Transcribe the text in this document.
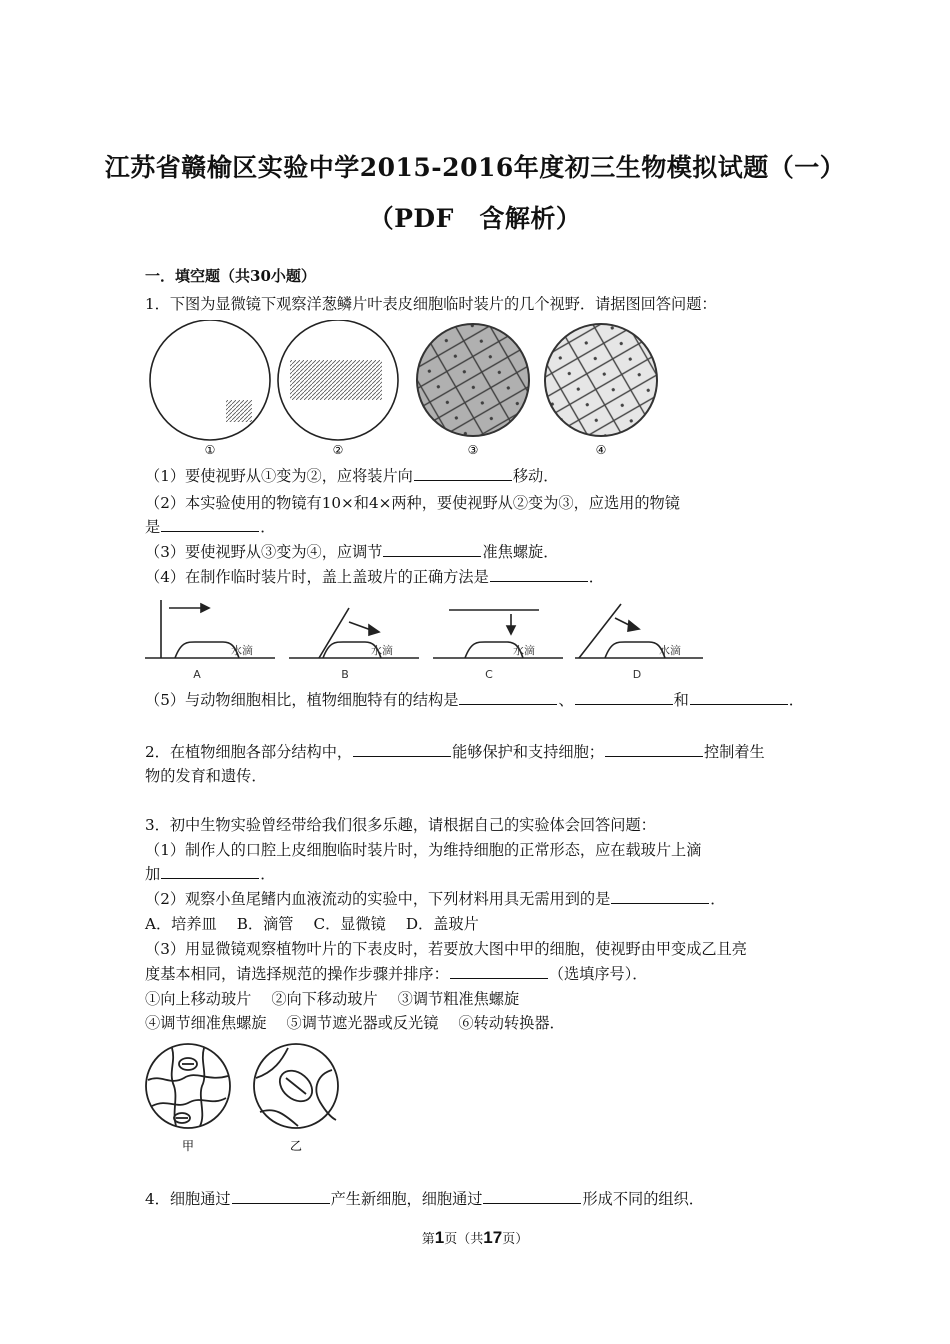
江苏省赣榆区实验中学2015-2016年度初三生物模拟试题（一）
（PDF　含解析）
一．填空题（共30小题）
1．下图为显微镜下观察洋葱鳞片叶表皮细胞临时装片的几个视野．请据图回答问题：
①	②	③	④
（1）要使视野从①变为②，应将装片向	移动．
（2）本实验使用的物镜有10×和4×两种，要使视野从②变为③，应选用的物镜
是	．
（3）要使视野从③变为④，应调节	准焦螺旋．
（4）在制作临时装片时，盖上盖玻片的正确方法是	．
水滴	水滴	水滴	水滴
A	B	C	D
（5）与动物细胞相比，植物细胞特有的结构是	、	和	．
2．在植物细胞各部分结构中，	能够保护和支持细胞；	控制着生
物的发育和遗传．
3．初中生物实验曾经带给我们很多乐趣，请根据自己的实验体会回答问题：
（1）制作人的口腔上皮细胞临时装片时，为维持细胞的正常形态，应在载玻片上滴
加	．
（2）观察小鱼尾鳍内血液流动的实验中，下列材料用具无需用到的是	．
A．培养皿　 B．滴管　 C．显微镜　 D．盖玻片
（3）用显微镜观察植物叶片的下表皮时，若要放大图中甲的细胞，使视野由甲变成乙且亮
度基本相同，请选择规范的操作步骤并排序：	（选填序号）．
①向上移动玻片　 ②向下移动玻片　 ③调节粗准焦螺旋
④调节细准焦螺旋　 ⑤调节遮光器或反光镜　 ⑥转动转换器．
甲	乙
4．细胞通过	产生新细胞，细胞通过	形成不同的组织．
第1页（共17页）
